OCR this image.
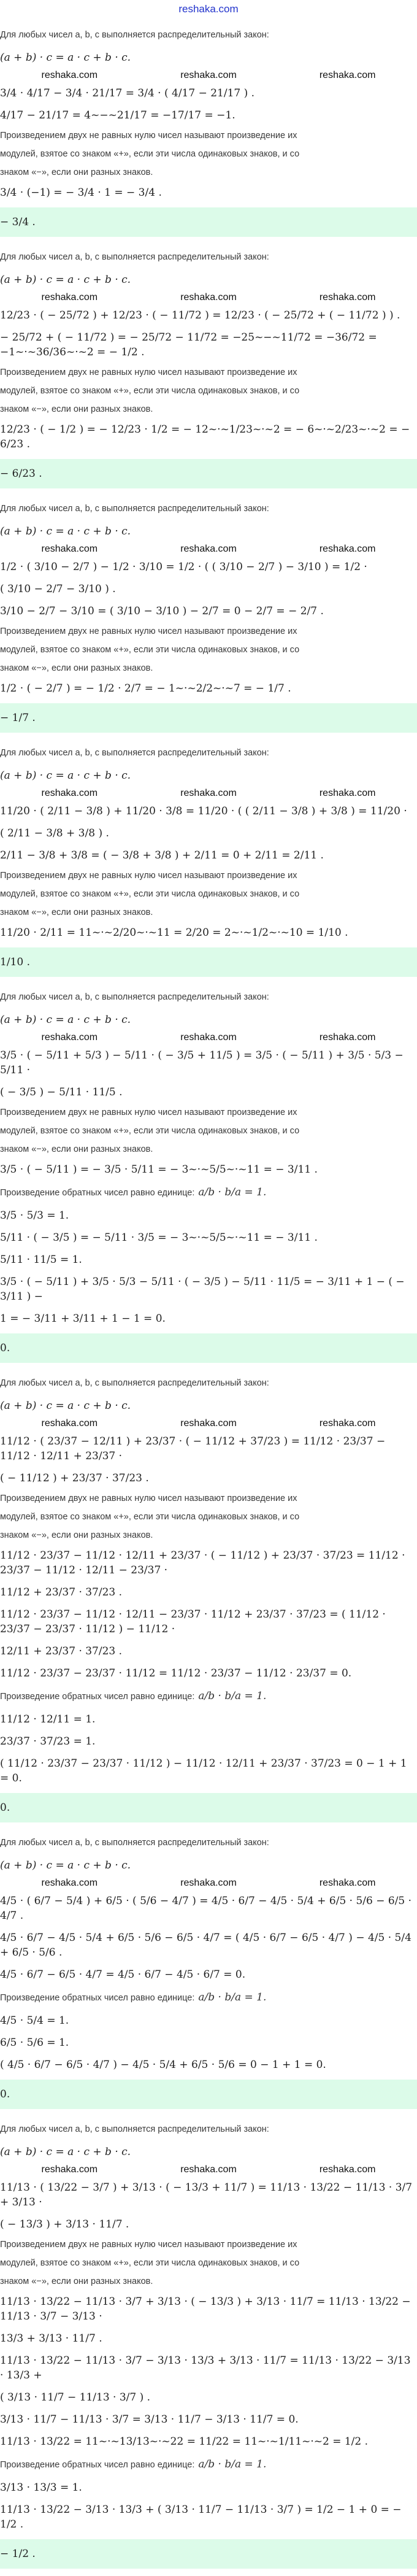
reshaka.com
Для любых чисел a, b, c выполняется распределительный закон:
(a + b) · c = a · c + b · c.
reshaka.com	reshaka.com	reshaka.com
3/4 · 4/17 − 3/4 · 21/17 = 3/4 · ( 4/17 − 21/17 ) .
4/17 − 21/17 = 4~−~21/17 = −17/17 = −1.
Произведением двух не равных нулю чисел называют произведение их
модулей, взятое со знаком «+», если эти числа одинаковых знаков, и со
знаком «−», если они разных знаков.
3/4 · (−1) = − 3/4 · 1 = − 3/4 .
− 3/4 .
Для любых чисел a, b, c выполняется распределительный закон:
(a + b) · c = a · c + b · c.
reshaka.com	reshaka.com	reshaka.com
12/23 · ( − 25/72 ) + 12/23 · ( − 11/72 ) = 12/23 · ( − 25/72 + ( − 11/72 ) ) .
− 25/72 + ( − 11/72 ) = − 25/72 − 11/72 = −25~−~11/72 = −36/72 = −1~·~36/36~·~2 = − 1/2 .
Произведением двух не равных нулю чисел называют произведение их
модулей, взятое со знаком «+», если эти числа одинаковых знаков, и со
знаком «−», если они разных знаков.
12/23 · ( − 1/2 ) = − 12/23 · 1/2 = − 12~·~1/23~·~2 = − 6~·~2/23~·~2 = − 6/23 .
− 6/23 .
Для любых чисел a, b, c выполняется распределительный закон:
(a + b) · c = a · c + b · c.
reshaka.com	reshaka.com	reshaka.com
1/2 · ( 3/10 − 2/7 ) − 1/2 · 3/10 = 1/2 · ( ( 3/10 − 2/7 ) − 3/10 ) = 1/2 ·
( 3/10 − 2/7 − 3/10 ) .
3/10 − 2/7 − 3/10 = ( 3/10 − 3/10 ) − 2/7 = 0 − 2/7 = − 2/7 .
Произведением двух не равных нулю чисел называют произведение их
модулей, взятое со знаком «+», если эти числа одинаковых знаков, и со
знаком «−», если они разных знаков.
1/2 · ( − 2/7 ) = − 1/2 · 2/7 = − 1~·~2/2~·~7 = − 1/7 .
− 1/7 .
Для любых чисел a, b, c выполняется распределительный закон:
(a + b) · c = a · c + b · c.
reshaka.com	reshaka.com	reshaka.com
11/20 · ( 2/11 − 3/8 ) + 11/20 · 3/8 = 11/20 · ( ( 2/11 − 3/8 ) + 3/8 ) = 11/20 ·
( 2/11 − 3/8 + 3/8 ) .
2/11 − 3/8 + 3/8 = ( − 3/8 + 3/8 ) + 2/11 = 0 + 2/11 = 2/11 .
Произведением двух не равных нулю чисел называют произведение их
модулей, взятое со знаком «+», если эти числа одинаковых знаков, и со
знаком «−», если они разных знаков.
11/20 · 2/11 = 11~·~2/20~·~11 = 2/20 = 2~·~1/2~·~10 = 1/10 .
1/10 .
Для любых чисел a, b, c выполняется распределительный закон:
(a + b) · c = a · c + b · c.
reshaka.com	reshaka.com	reshaka.com
3/5 · ( − 5/11 + 5/3 ) − 5/11 · ( − 3/5 + 11/5 ) = 3/5 · ( − 5/11 ) + 3/5 · 5/3 − 5/11 ·
( − 3/5 ) − 5/11 · 11/5 .
Произведением двух не равных нулю чисел называют произведение их
модулей, взятое со знаком «+», если эти числа одинаковых знаков, и со
знаком «−», если они разных знаков.
3/5 · ( − 5/11 ) = − 3/5 · 5/11 = − 3~·~5/5~·~11 = − 3/11 .
Произведение обратных чисел равно единице: a/b · b/a = 1.
3/5 · 5/3 = 1.
5/11 · ( − 3/5 ) = − 5/11 · 3/5 = − 3~·~5/5~·~11 = − 3/11 .
5/11 · 11/5 = 1.
3/5 · ( − 5/11 ) + 3/5 · 5/3 − 5/11 · ( − 3/5 ) − 5/11 · 11/5 = − 3/11 + 1 − ( − 3/11 ) −
1 = − 3/11 + 3/11 + 1 − 1 = 0.
0.
Для любых чисел a, b, c выполняется распределительный закон:
(a + b) · c = a · c + b · c.
reshaka.com	reshaka.com	reshaka.com
11/12 · ( 23/37 − 12/11 ) + 23/37 · ( − 11/12 + 37/23 ) = 11/12 · 23/37 − 11/12 · 12/11 + 23/37 ·
( − 11/12 ) + 23/37 · 37/23 .
Произведением двух не равных нулю чисел называют произведение их
модулей, взятое со знаком «+», если эти числа одинаковых знаков, и со
знаком «−», если они разных знаков.
11/12 · 23/37 − 11/12 · 12/11 + 23/37 · ( − 11/12 ) + 23/37 · 37/23 = 11/12 · 23/37 − 11/12 · 12/11 − 23/37 ·
11/12 + 23/37 · 37/23 .
11/12 · 23/37 − 11/12 · 12/11 − 23/37 · 11/12 + 23/37 · 37/23 = ( 11/12 · 23/37 − 23/37 · 11/12 ) − 11/12 ·
12/11 + 23/37 · 37/23 .
11/12 · 23/37 − 23/37 · 11/12 = 11/12 · 23/37 − 11/12 · 23/37 = 0.
Произведение обратных чисел равно единице: a/b · b/a = 1.
11/12 · 12/11 = 1.
23/37 · 37/23 = 1.
( 11/12 · 23/37 − 23/37 · 11/12 ) − 11/12 · 12/11 + 23/37 · 37/23 = 0 − 1 + 1 = 0.
0.
Для любых чисел a, b, c выполняется распределительный закон:
(a + b) · c = a · c + b · c.
reshaka.com	reshaka.com	reshaka.com
4/5 · ( 6/7 − 5/4 ) + 6/5 · ( 5/6 − 4/7 ) = 4/5 · 6/7 − 4/5 · 5/4 + 6/5 · 5/6 − 6/5 · 4/7 .
4/5 · 6/7 − 4/5 · 5/4 + 6/5 · 5/6 − 6/5 · 4/7 = ( 4/5 · 6/7 − 6/5 · 4/7 ) − 4/5 · 5/4 + 6/5 · 5/6 .
4/5 · 6/7 − 6/5 · 4/7 = 4/5 · 6/7 − 4/5 · 6/7 = 0.
Произведение обратных чисел равно единице: a/b · b/a = 1.
4/5 · 5/4 = 1.
6/5 · 5/6 = 1.
( 4/5 · 6/7 − 6/5 · 4/7 ) − 4/5 · 5/4 + 6/5 · 5/6 = 0 − 1 + 1 = 0.
0.
Для любых чисел a, b, c выполняется распределительный закон:
(a + b) · c = a · c + b · c.
reshaka.com	reshaka.com	reshaka.com
11/13 · ( 13/22 − 3/7 ) + 3/13 · ( − 13/3 + 11/7 ) = 11/13 · 13/22 − 11/13 · 3/7 + 3/13 ·
( − 13/3 ) + 3/13 · 11/7 .
Произведением двух не равных нулю чисел называют произведение их
модулей, взятое со знаком «+», если эти числа одинаковых знаков, и со
знаком «−», если они разных знаков.
11/13 · 13/22 − 11/13 · 3/7 + 3/13 · ( − 13/3 ) + 3/13 · 11/7 = 11/13 · 13/22 − 11/13 · 3/7 − 3/13 ·
13/3 + 3/13 · 11/7 .
11/13 · 13/22 − 11/13 · 3/7 − 3/13 · 13/3 + 3/13 · 11/7 = 11/13 · 13/22 − 3/13 · 13/3 +
( 3/13 · 11/7 − 11/13 · 3/7 ) .
3/13 · 11/7 − 11/13 · 3/7 = 3/13 · 11/7 − 3/13 · 11/7 = 0.
11/13 · 13/22 = 11~·~13/13~·~22 = 11/22 = 11~·~1/11~·~2 = 1/2 .
Произведение обратных чисел равно единице: a/b · b/a = 1.
3/13 · 13/3 = 1.
11/13 · 13/22 − 3/13 · 13/3 + ( 3/13 · 11/7 − 11/13 · 3/7 ) = 1/2 − 1 + 0 = − 1/2 .
− 1/2 .
